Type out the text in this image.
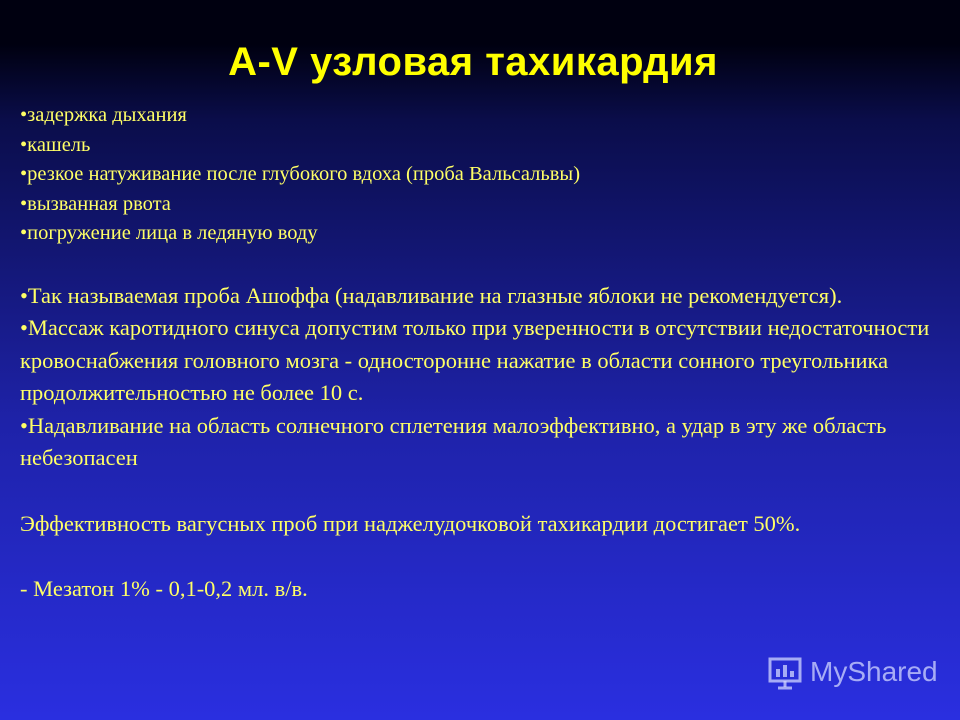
A-V узловая тахикардия
•задержка дыхания
•кашель
•резкое натуживание после глубокого вдоха (проба Вальсальвы)
•вызванная рвота
•погружение лица в ледяную воду
•Так называемая проба Ашоффа (надавливание на глазные яблоки не рекомендуется).
•Массаж каротидного синуса допустим только при уверенности в отсутствии недостаточности кровоснабжения головного мозга - односторонне нажатие в области сонного треугольника продолжительностью не более 10 с.
•Надавливание на область солнечного сплетения малоэффективно, а удар в эту же область небезопасен
Эффективность вагусных проб при наджелудочковой тахикардии достигает 50%.
- Мезатон 1% - 0,1-0,2 мл. в/в.
MyShared
